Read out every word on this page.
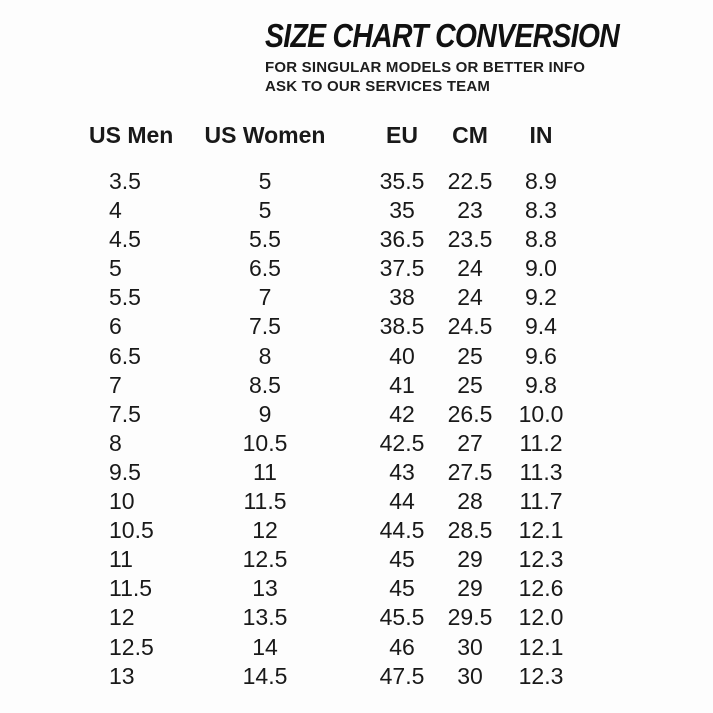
SIZE CHART CONVERSION

FOR SINGULAR MODELS OR BETTER INFO

ASK TO OUR SERVICES TEAM

US Men	US Women	EU	CM	IN
3.5	5	35.5	22.5	8.9
4	5	35	23	8.3
4.5	5.5	36.5	23.5	8.8
5	6.5	37.5	24	9.0
5.5	7	38	24	9.2
6	7.5	38.5	24.5	9.4
6.5	8	40	25	9.6
7	8.5	41	25	9.8
7.5	9	42	26.5	10.0
8	10.5	42.5	27	11.2
9.5	11	43	27.5	11.3
10	11.5	44	28	11.7
10.5	12	44.5	28.5	12.1
11	12.5	45	29	12.3
11.5	13	45	29	12.6
12	13.5	45.5	29.5	12.0
12.5	14	46	30	12.1
13	14.5	47.5	30	12.3
